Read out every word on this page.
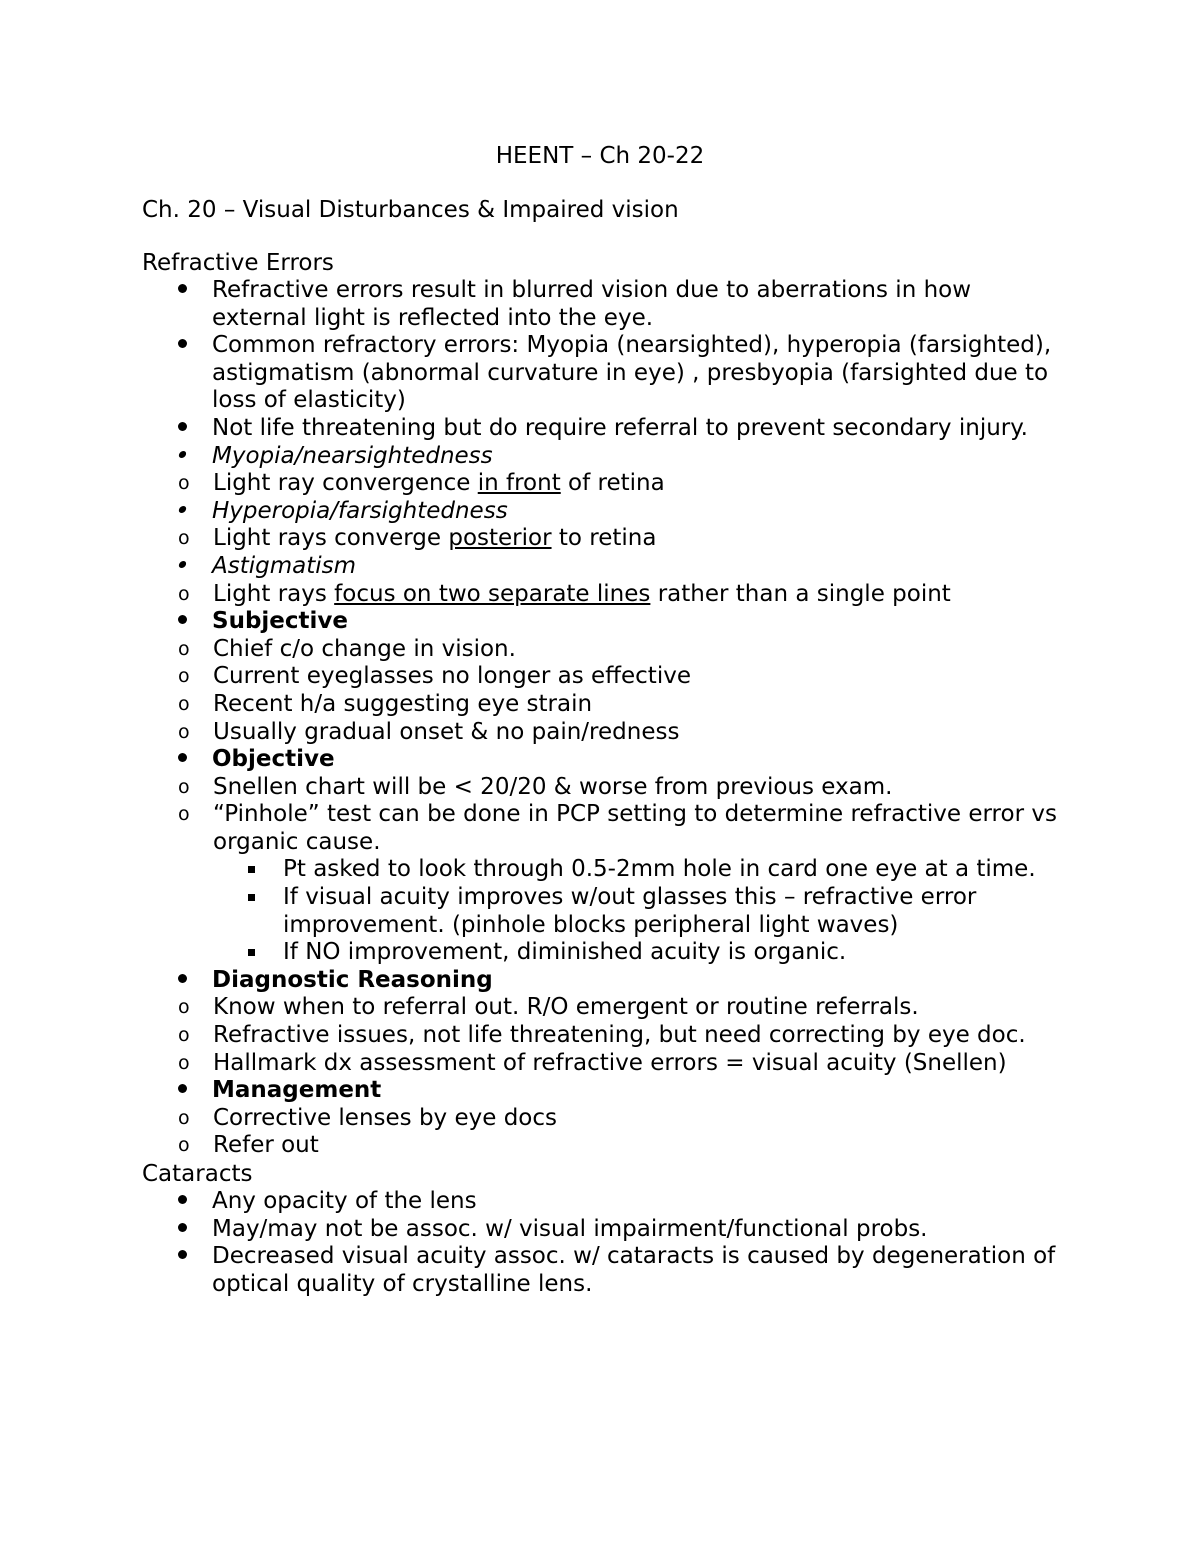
HEENT – Ch 20-22
Ch. 20 – Visual Disturbances & Impaired vision
Refractive Errors
Refractive errors result in blurred vision due to aberrations in how external light is reflected into the eye.
Common refractory errors: Myopia (nearsighted), hyperopia (farsighted), astigmatism (abnormal curvature in eye) , presbyopia (farsighted due to loss of elasticity)
Not life threatening but do require referral to prevent secondary injury.
Myopia/nearsightedness
o Light ray convergence in front of retina
Hyperopia/farsightedness
o Light rays converge posterior to retina
Astigmatism
o Light rays focus on two separate lines rather than a single point
Subjective
o Chief c/o change in vision.
o Current eyeglasses no longer as effective
o Recent h/a suggesting eye strain
o Usually gradual onset & no pain/redness
Objective
o Snellen chart will be < 20/20 & worse from previous exam.
o “Pinhole” test can be done in PCP setting to determine refractive error vs organic cause.
Pt asked to look through 0.5-2mm hole in card one eye at a time.
If visual acuity improves w/out glasses this – refractive error improvement. (pinhole blocks peripheral light waves)
If NO improvement, diminished acuity is organic.
Diagnostic Reasoning
o Know when to referral out. R/O emergent or routine referrals.
o Refractive issues, not life threatening, but need correcting by eye doc.
o Hallmark dx assessment of refractive errors = visual acuity (Snellen)
Management
o Corrective lenses by eye docs
o Refer out
Cataracts
Any opacity of the lens
May/may not be assoc. w/ visual impairment/functional probs.
Decreased visual acuity assoc. w/ cataracts is caused by degeneration of optical quality of crystalline lens.
